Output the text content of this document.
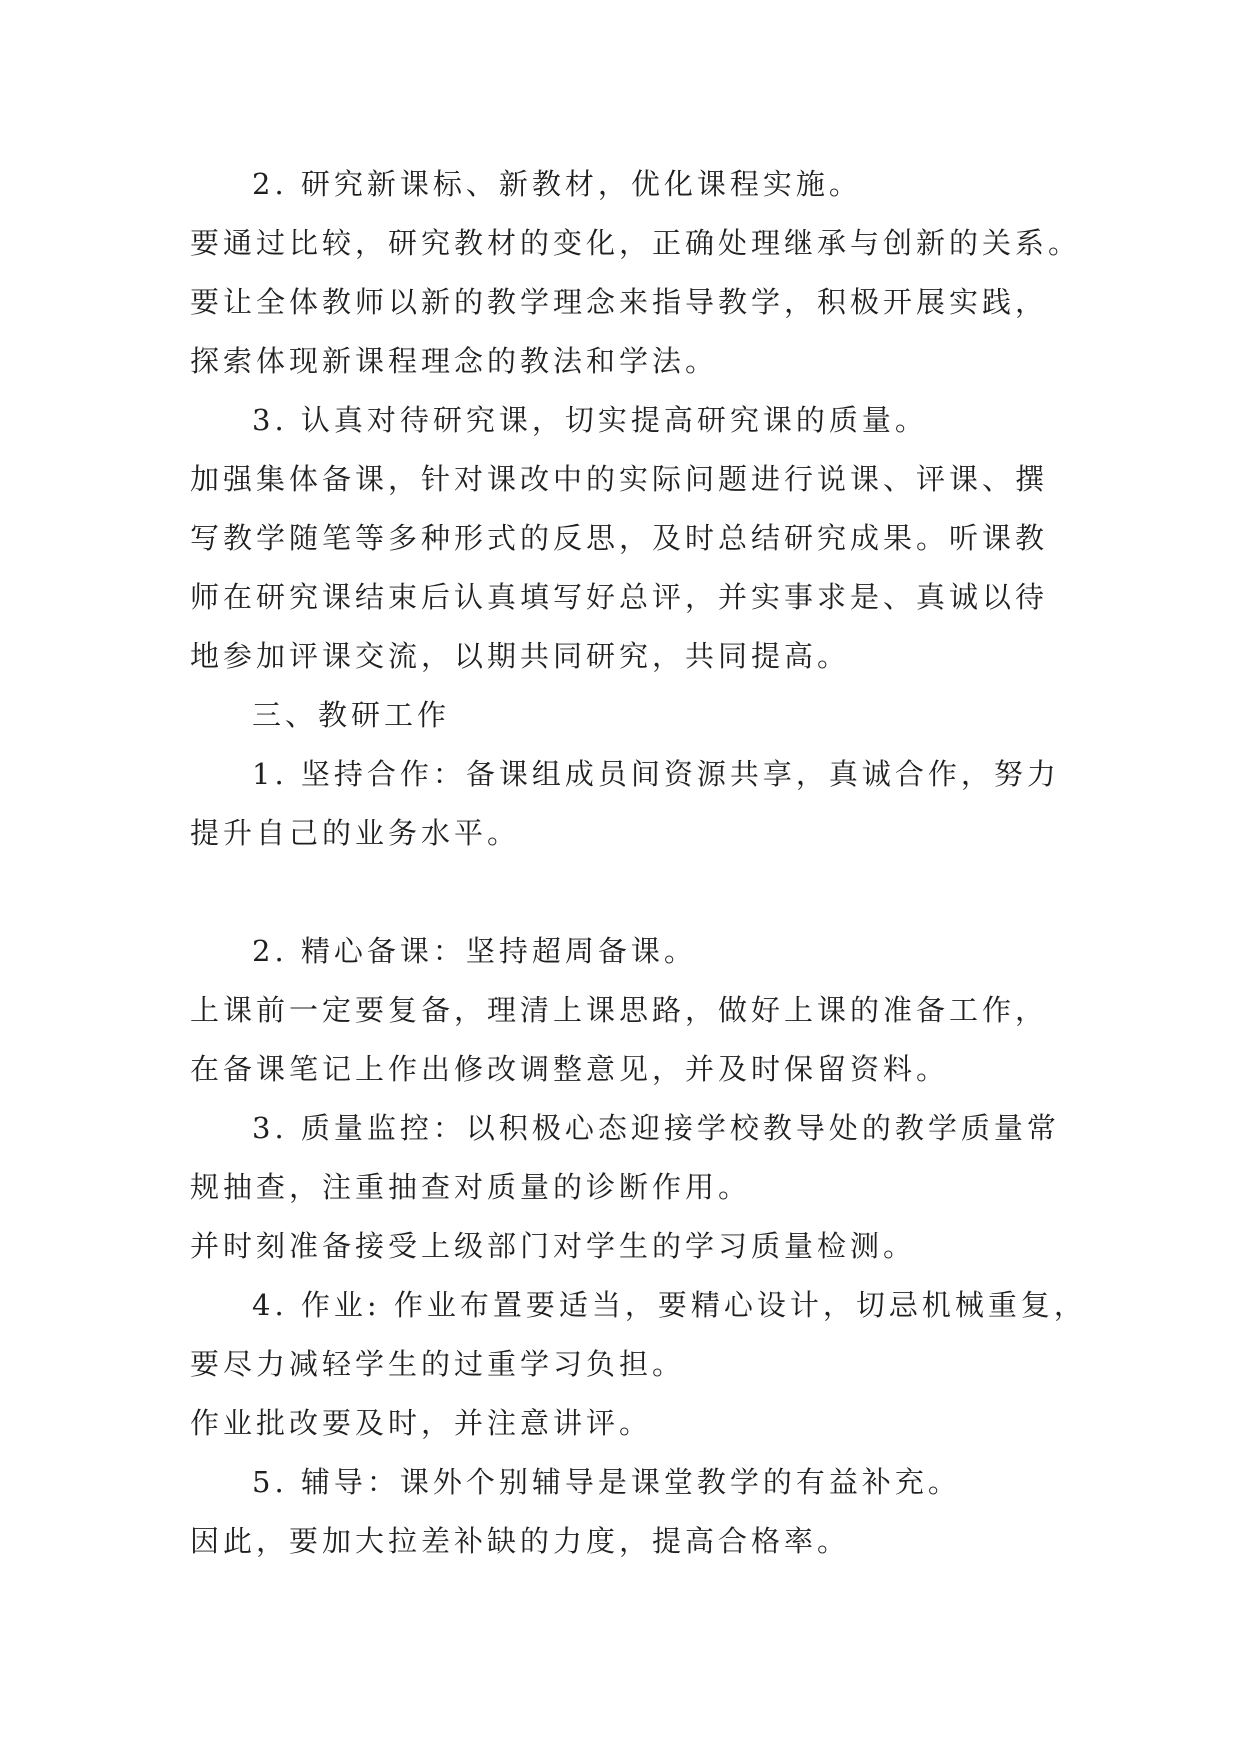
2. 研究新课标、新教材，优化课程实施。

要通过比较，研究教材的变化，正确处理继承与创新的关系。

要让全体教师以新的教学理念来指导教学，积极开展实践，

探索体现新课程理念的教法和学法。

3. 认真对待研究课，切实提高研究课的质量。

加强集体备课，针对课改中的实际问题进行说课、评课、撰

写教学随笔等多种形式的反思，及时总结研究成果。听课教

师在研究课结束后认真填写好总评，并实事求是、真诚以待

地参加评课交流，以期共同研究，共同提高。

三、教研工作

1. 坚持合作：备课组成员间资源共享，真诚合作，努力

提升自己的业务水平。

2. 精心备课：坚持超周备课。

上课前一定要复备，理清上课思路，做好上课的准备工作，

在备课笔记上作出修改调整意见，并及时保留资料。

3. 质量监控：以积极心态迎接学校教导处的教学质量常

规抽查，注重抽查对质量的诊断作用。

并时刻准备接受上级部门对学生的学习质量检测。

4. 作业: 作业布置要适当，要精心设计，切忌机械重复，

要尽力减轻学生的过重学习负担。

作业批改要及时，并注意讲评。

5. 辅导：课外个别辅导是课堂教学的有益补充。

因此，要加大拉差补缺的力度，提高合格率。
